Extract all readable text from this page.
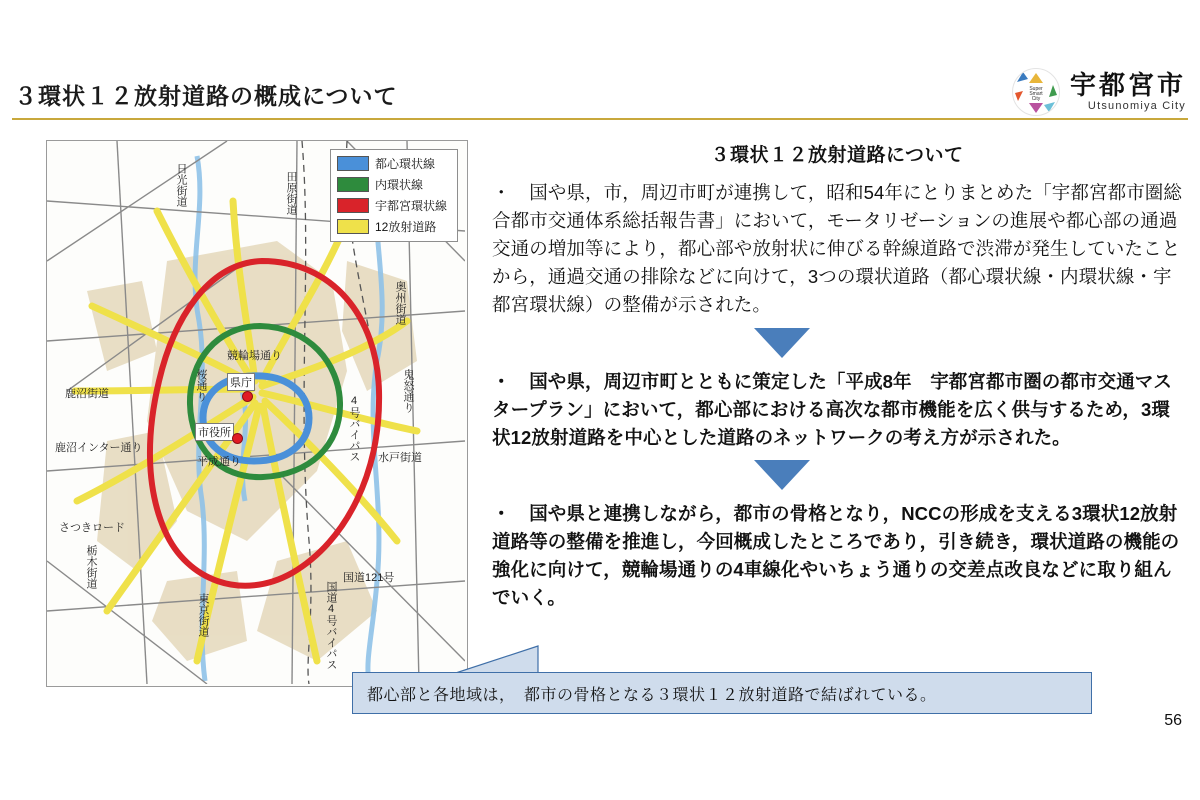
３環状１２放射道路の概成について	Super
Smart
City 宇都宮市
Utsunomiya City
都心環状線
内環状線
宇都宮環状線
12放射道路
日光街道	田原街道
奥州街道
鹿沼街道
鹿沼インター通り
桜通り
競輪場通り
平成通り	4号バイパス
鬼怒通り
水戸街道
さつきロード
栃木街道
東京街道
国道121号
国道4号バイパス
県庁
市役所
３環状１２放射道路について
・　国や県，市，周辺市町が連携して，昭和54年にとりまとめた「宇都宮都市圏総合都市交通体系総括報告書」において，モータリゼーションの進展や都心部の通過交通の増加等により，都心部や放射状に伸びる幹線道路で渋滞が発生していたことから，通過交通の排除などに向けて，3つの環状道路（都心環状線・内環状線・宇都宮環状線）の整備が示された。
・　国や県，周辺市町とともに策定した「平成8年　宇都宮都市圏の都市交通マスタープラン」において，都心部における高次な都市機能を広く供与するため，3環状12放射道路を中心とした道路のネットワークの考え方が示された。
・　国や県と連携しながら，都市の骨格となり，NCCの形成を支える3環状12放射道路等の整備を推進し，今回概成したところであり，引き続き，環状道路の機能の強化に向けて，競輪場通りの4車線化やいちょう通りの交差点改良などに取り組んでいく。
都心部と各地域は，　都市の骨格となる３環状１２放射道路で結ばれている。
56
